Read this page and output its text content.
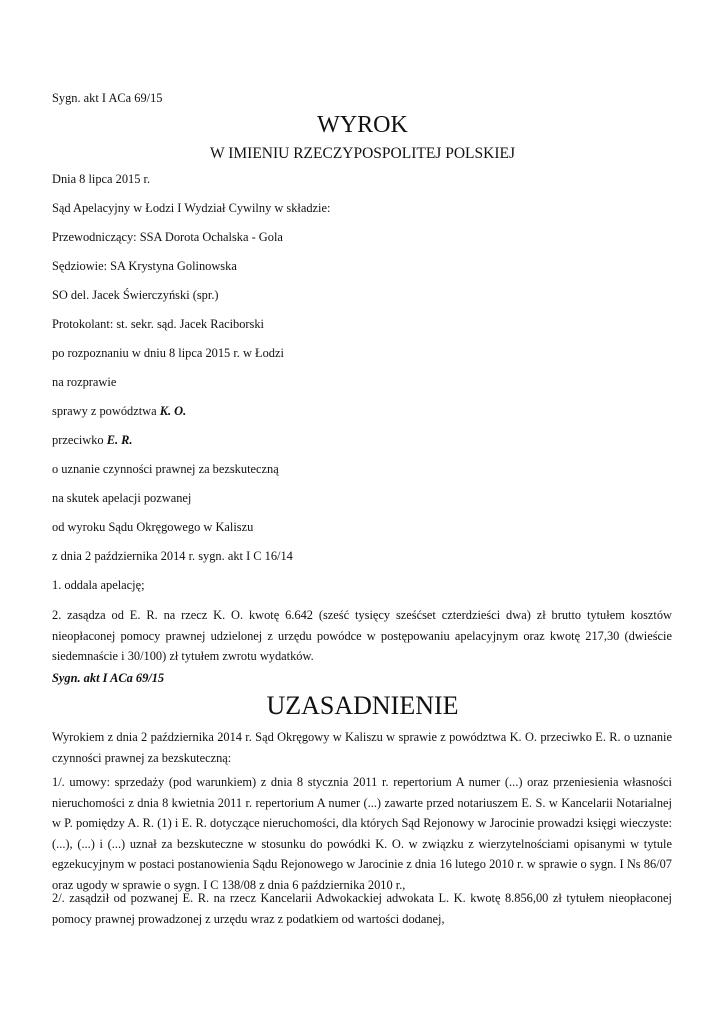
Sygn. akt I ACa 69/15
WYROK
W IMIENIU RZECZYPOSPOLITEJ POLSKIEJ
Dnia 8 lipca 2015 r.
Sąd Apelacyjny w Łodzi I Wydział Cywilny w składzie:
Przewodniczący: SSA Dorota Ochalska - Gola
Sędziowie: SA Krystyna Golinowska
SO del. Jacek Świerczyński (spr.)
Protokolant: st. sekr. sąd. Jacek Raciborski
po rozpoznaniu w dniu 8 lipca 2015 r. w Łodzi
na rozprawie
sprawy z powództwa K. O.
przeciwko E. R.
o uznanie czynności prawnej za bezskuteczną
na skutek apelacji pozwanej
od wyroku Sądu Okręgowego w Kaliszu
z dnia 2 października 2014 r. sygn. akt I C 16/14
1. oddala apelację;
2. zasądza od E. R. na rzecz K. O. kwotę 6.642 (sześć tysięcy sześćset czterdzieści dwa) zł brutto tytułem kosztów nieopłaconej pomocy prawnej udzielonej z urzędu powódce w postępowaniu apelacyjnym oraz kwotę 217,30 (dwieście siedemnaście i 30/100) zł tytułem zwrotu wydatków.
Sygn. akt I ACa 69/15
UZASADNIENIE
Wyrokiem z dnia 2 października 2014 r. Sąd Okręgowy w Kaliszu w sprawie z powództwa K. O. przeciwko E. R. o uznanie czynności prawnej za bezskuteczną:
1/. umowy: sprzedaży (pod warunkiem) z dnia 8 stycznia 2011 r. repertorium A numer (...) oraz przeniesienia własności nieruchomości z dnia 8 kwietnia 2011 r. repertorium A numer (...) zawarte przed notariuszem E. S. w Kancelarii Notarialnej w P. pomiędzy A. R. (1) i E. R. dotyczące nieruchomości, dla których Sąd Rejonowy w Jarocinie prowadzi księgi wieczyste: (...), (...) i (...) uznał za bezskuteczne w stosunku do powódki K. O. w związku z wierzytelnościami opisanymi w tytule egzekucyjnym w postaci postanowienia Sądu Rejonowego w Jarocinie z dnia 16 lutego 2010 r. w sprawie o sygn. I Ns 86/07 oraz ugody w sprawie o sygn. I C 138/08 z dnia 6 października 2010 r.,
2/. zasądził od pozwanej E. R. na rzecz Kancelarii Adwokackiej adwokata L. K. kwotę 8.856,00 zł tytułem nieopłaconej pomocy prawnej prowadzonej z urzędu wraz z podatkiem od wartości dodanej,
